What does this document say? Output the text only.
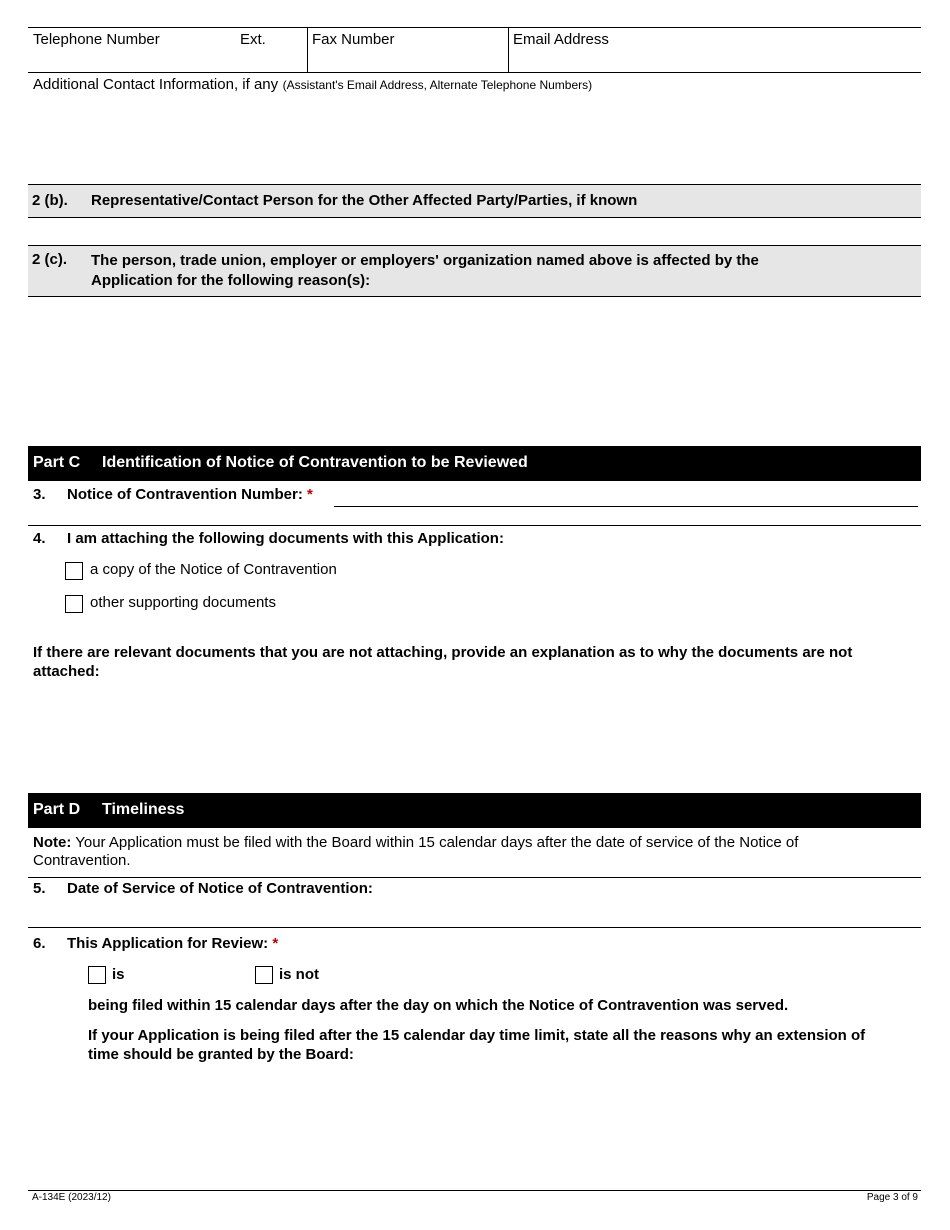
Telephone Number	Ext.	Fax Number	Email Address
Additional Contact Information, if any (Assistant's Email Address, Alternate Telephone Numbers)
2 (b). Representative/Contact Person for the Other Affected Party/Parties, if known
2 (c). The person, trade union, employer or employers' organization named above is affected by the
Application for the following reason(s):
Part C Identification of Notice of Contravention to be Reviewed
3. Notice of Contravention Number: *
4. I am attaching the following documents with this Application:
a copy of the Notice of Contravention
other supporting documents
If there are relevant documents that you are not attaching, provide an explanation as to why the documents are not
attached:
Part D Timeliness
Note: Your Application must be filed with the Board within 15 calendar days after the date of service of the Notice of
Contravention.
5. Date of Service of Notice of Contravention:
6. This Application for Review: *
is	is not
being filed within 15 calendar days after the day on which the Notice of Contravention was served.
If your Application is being filed after the 15 calendar day time limit, state all the reasons why an extension of
time should be granted by the Board:
A-134E (2023/12)	Page 3 of 9
